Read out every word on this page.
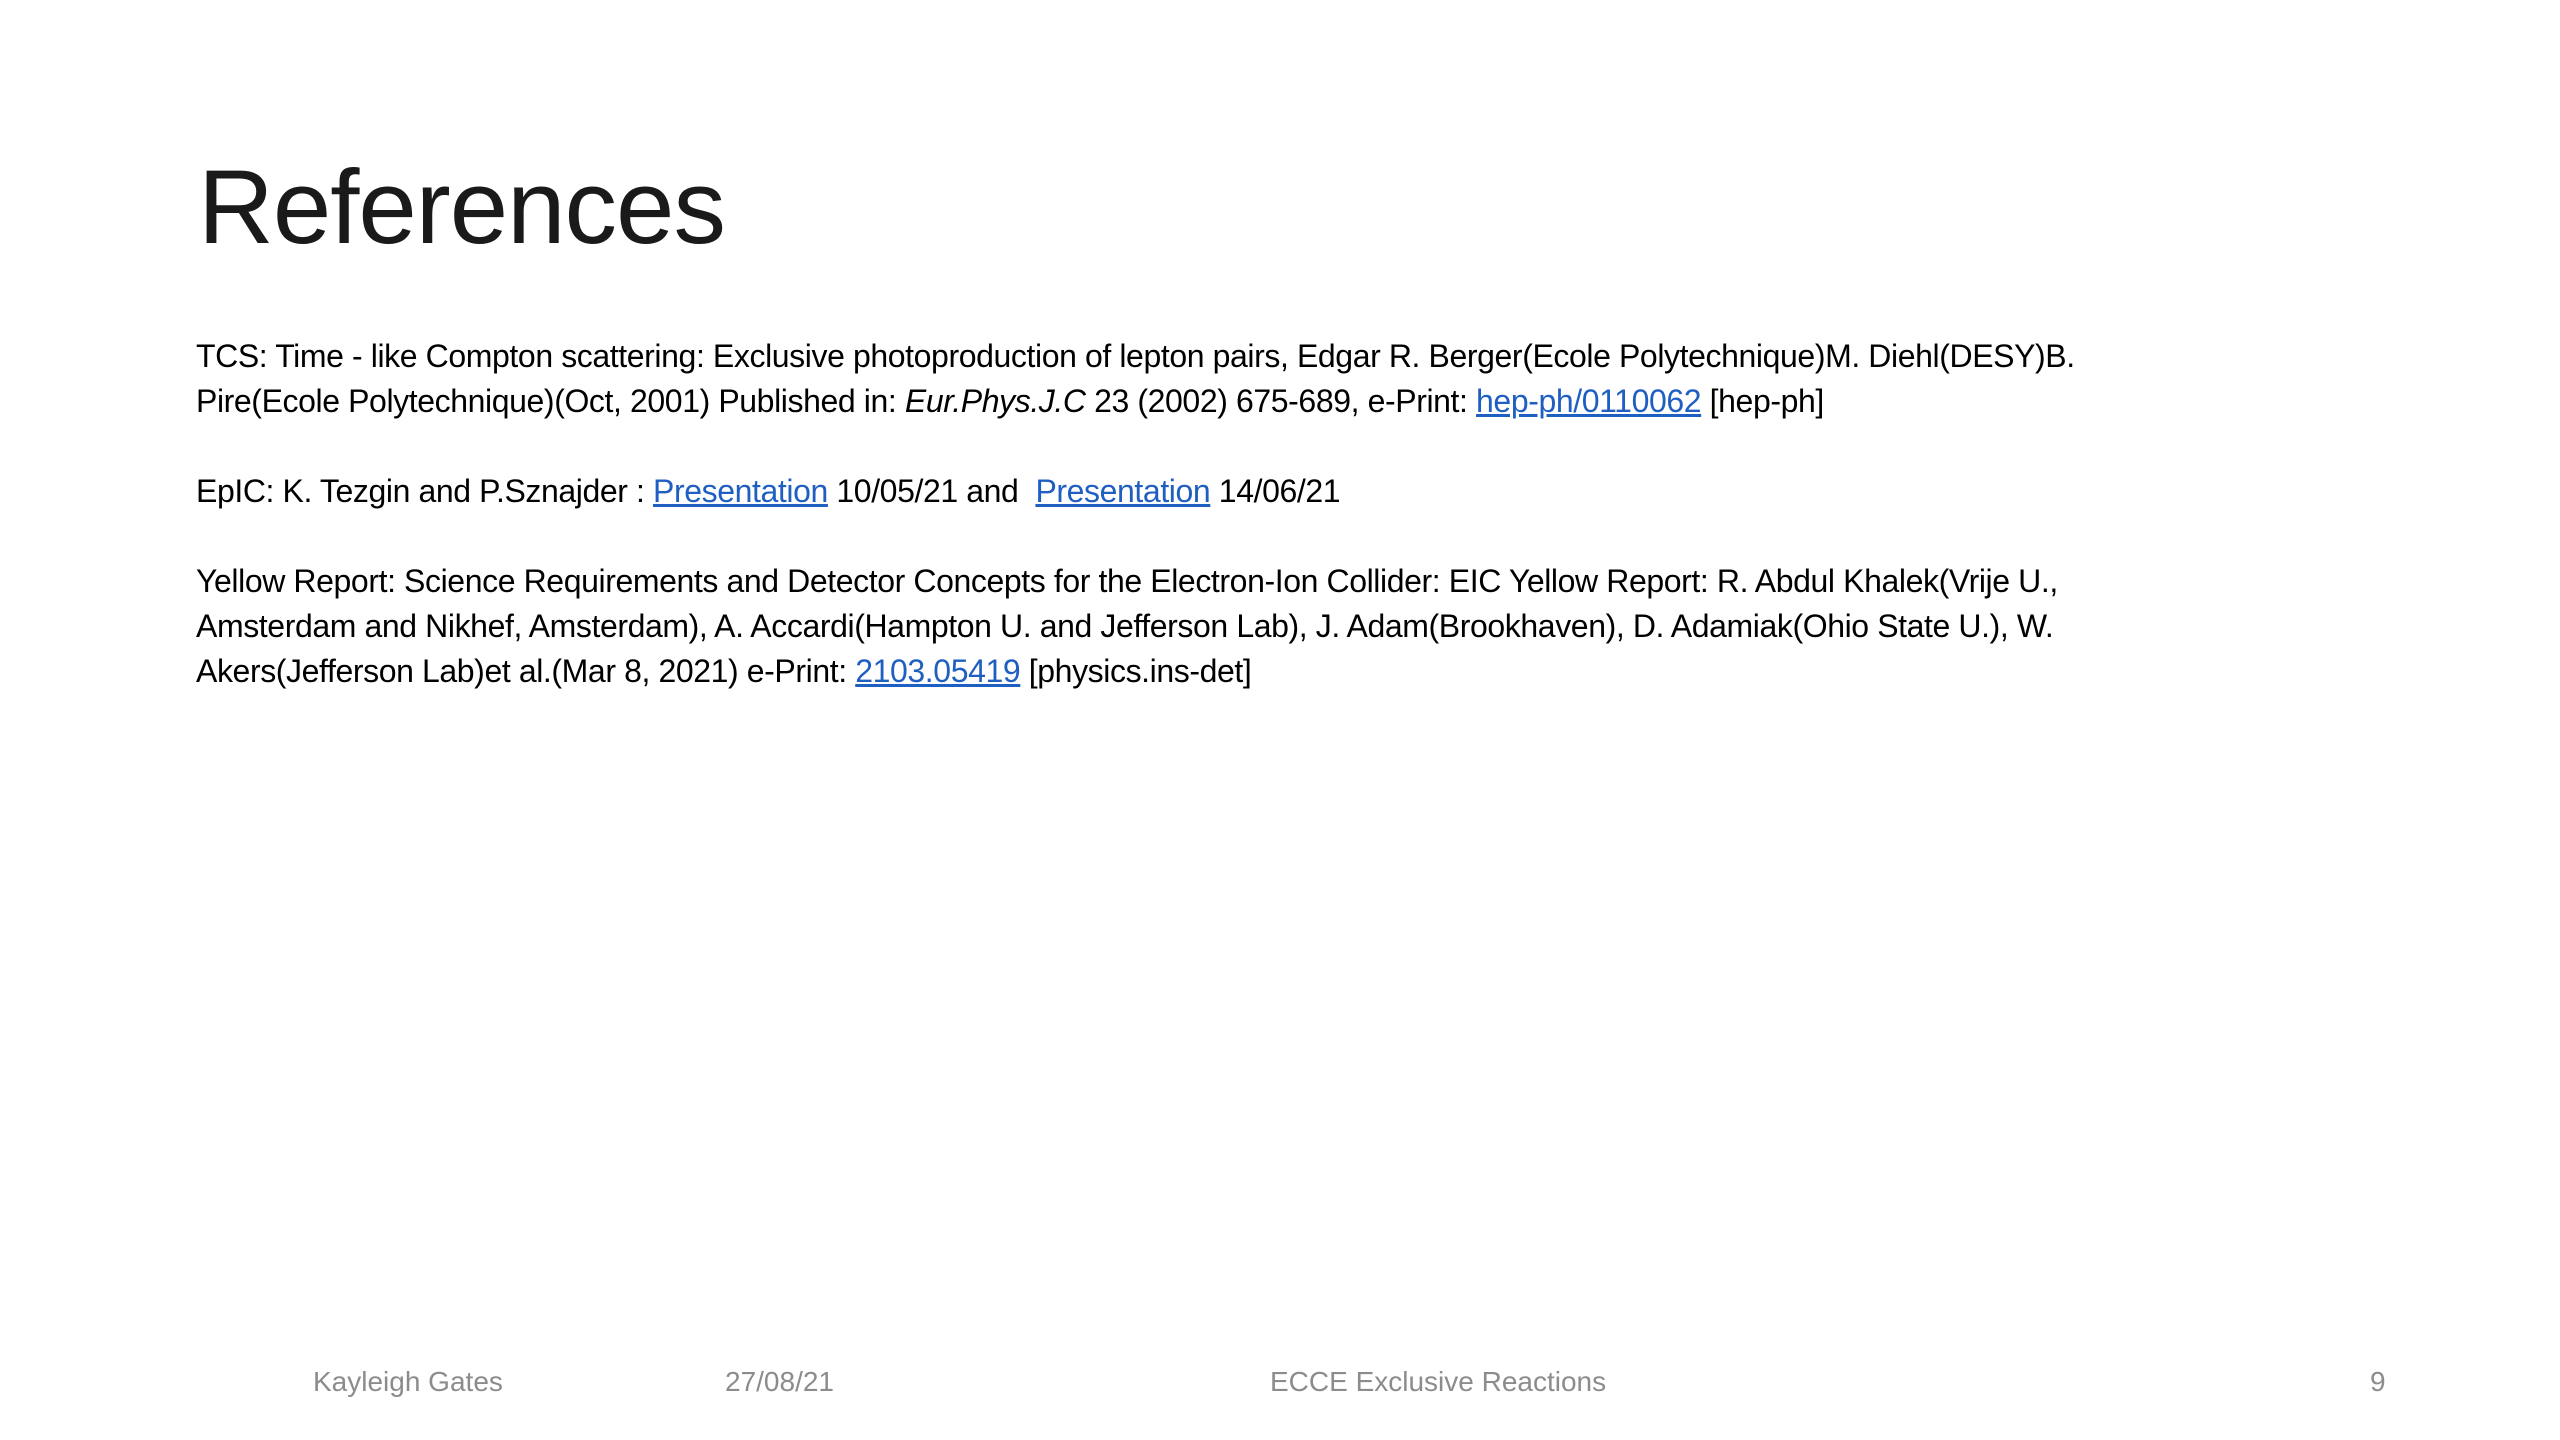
References

TCS: Time - like Compton scattering: Exclusive photoproduction of lepton pairs, Edgar R. Berger(Ecole Polytechnique)M. Diehl(DESY)B. Pire(Ecole Polytechnique)(Oct, 2001) Published in: Eur.Phys.J.C 23 (2002) 675-689, e-Print: hep-ph/0110062 [hep-ph]

EpIC: K. Tezgin and P.Sznajder : Presentation 10/05/21 and  Presentation 14/06/21

Yellow Report: Science Requirements and Detector Concepts for the Electron-Ion Collider: EIC Yellow Report: R. Abdul Khalek(Vrije U., Amsterdam and Nikhef, Amsterdam), A. Accardi(Hampton U. and Jefferson Lab), J. Adam(Brookhaven), D. Adamiak(Ohio State U.), W. Akers(Jefferson Lab)et al.(Mar 8, 2021) e-Print: 2103.05419 [physics.ins-det]

Kayleigh Gates	27/08/21	ECCE Exclusive Reactions	9
